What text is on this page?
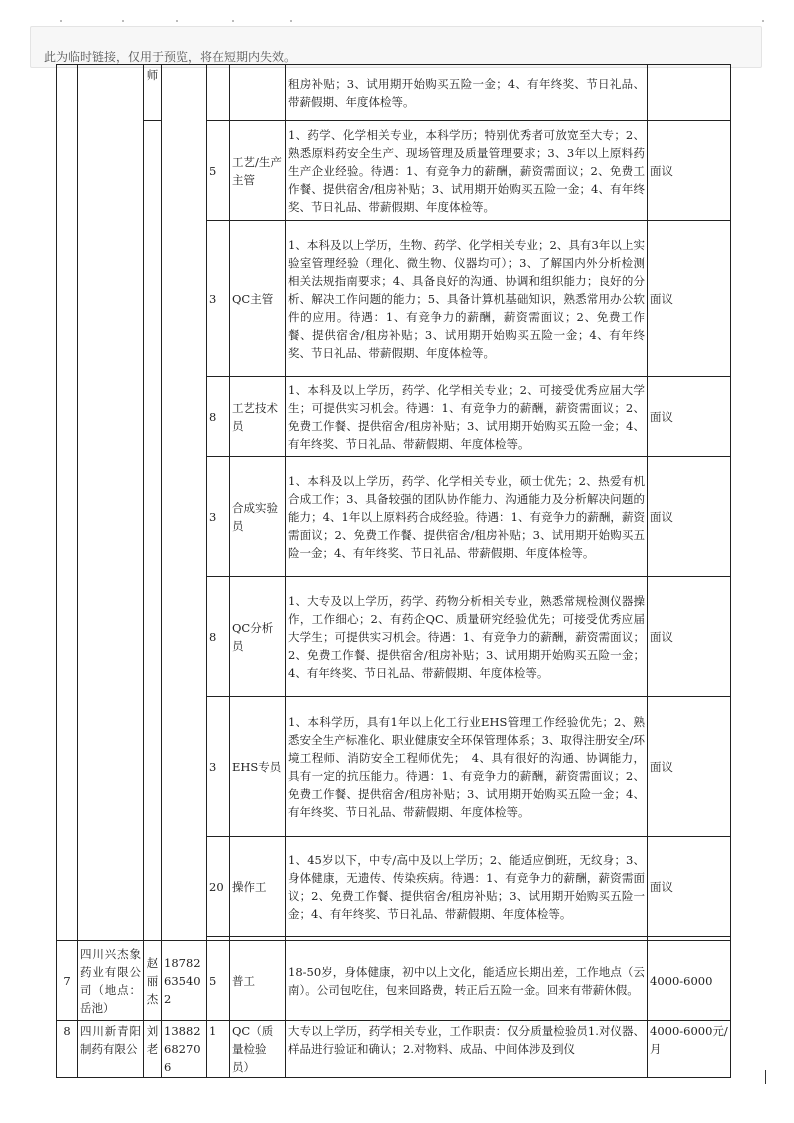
此为临时链接，仅用于预览，将在短期内失效。
		师				租房补贴；3、试用期开始购买五险一金；4、有年终奖、节日礼品、带薪假期、年度体检等。	
				5	工艺/生产主管	1、药学、化学相关专业，本科学历；特别优秀者可放宽至大专；2、熟悉原料药安全生产、现场管理及质量管理要求；3、3年以上原料药生产企业经验。待遇：1、有竞争力的薪酬，薪资需面议；2、免费工作餐、提供宿舍/租房补贴；3、试用期开始购买五险一金；4、有年终奖、节日礼品、带薪假期、年度体检等。	面议
				3	QC主管	1、本科及以上学历，生物、药学、化学相关专业；2、具有3年以上实验室管理经验（理化、微生物、仪器均可）；3、了解国内外分析检测相关法规指南要求；4、具备良好的沟通、协调和组织能力；良好的分析、解决工作问题的能力；5、具备计算机基础知识，熟悉常用办公软件的应用。待遇：1、有竞争力的薪酬，薪资需面议；2、免费工作餐、提供宿舍/租房补贴；3、试用期开始购买五险一金；4、有年终奖、节日礼品、带薪假期、年度体检等。	面议
				8	工艺技术员	1、本科及以上学历，药学、化学相关专业；2、可接受优秀应届大学生；可提供实习机会。待遇：1、有竞争力的薪酬，薪资需面议；2、免费工作餐、提供宿舍/租房补贴；3、试用期开始购买五险一金；4、有年终奖、节日礼品、带薪假期、年度体检等。	面议
				3	合成实验员	1、本科及以上学历，药学、化学相关专业，硕士优先；2、热爱有机合成工作；3、具备较强的团队协作能力、沟通能力及分析解决问题的能力；4、1年以上原料药合成经验。待遇：1、有竞争力的薪酬，薪资需面议；2、免费工作餐、提供宿舍/租房补贴；3、试用期开始购买五险一金；4、有年终奖、节日礼品、带薪假期、年度体检等。	面议
				8	QC分析员	1、大专及以上学历，药学、药物分析相关专业，熟悉常规检测仪器操作，工作细心；2、有药企QC、质量研究经验优先；可接受优秀应届大学生；可提供实习机会。待遇：1、有竞争力的薪酬，薪资需面议；2、免费工作餐、提供宿舍/租房补贴；3、试用期开始购买五险一金；4、有年终奖、节日礼品、带薪假期、年度体检等。	面议
				3	EHS专员	1、本科学历，具有1年以上化工行业EHS管理工作经验优先；2、熟悉安全生产标准化、职业健康安全环保管理体系；3、取得注册安全/环境工程师、消防安全工程师优先；　4、具有很好的沟通、协调能力，具有一定的抗压能力。待遇：1、有竞争力的薪酬，薪资需面议；2、免费工作餐、提供宿舍/租房补贴；3、试用期开始购买五险一金；4、有年终奖、节日礼品、带薪假期、年度体检等。	面议
				20	操作工	1、45岁以下，中专/高中及以上学历；2、能适应倒班，无纹身；3、身体健康，无遗传、传染疾病。待遇：1、有竞争力的薪酬，薪资需面议；2、免费工作餐、提供宿舍/租房补贴；3、试用期开始购买五险一金；4、有年终奖、节日礼品、带薪假期、年度体检等。	面议

7	四川兴杰象药业有限公司（地点：岳池）	赵丽杰	18782635402	5	普工	18-50岁，身体健康，初中以上文化，能适应长期出差，工作地点（云南）。公司包吃住，包来回路费，转正后五险一金。回来有带薪休假。	4000-6000
8	四川新青阳制药有限公	刘老	13882682706	1	QC（质量检验员）	大专以上学历，药学相关专业，工作职责：仅分质量检验员1.对仪器、样品进行验证和确认；2.对物料、成品、中间体涉及到仪	4000-6000元/月
